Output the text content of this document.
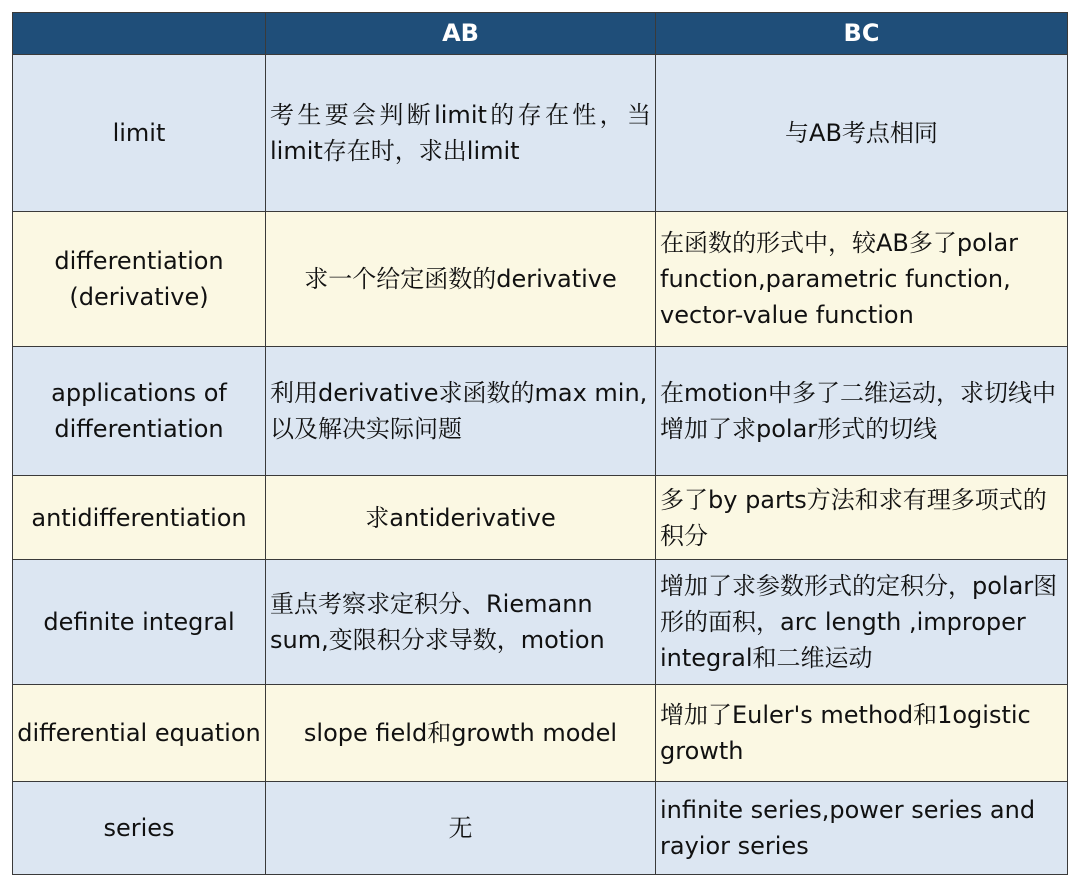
	AB	BC
limit	考生要会判断limit的存在性，当limit存在时，求出limit	与AB考点相同
differentiation (derivative)	求一个给定函数的derivative	在函数的形式中，较AB多了polar function,parametric function, vector-value function
applications of differentiation	利用derivative求函数的max min,以及解决实际问题	在motion中多了二维运动，求切线中增加了求polar形式的切线
antidifferentiation	求antiderivative	多了by parts方法和求有理多项式的积分
definite integral	重点考察求定积分、Riemann sum,变限积分求导数，motion	增加了求参数形式的定积分，polar图形的面积，arc length ,improper integral和二维运动
differential equation	slope field和growth model	增加了Euler's method和1ogistic growth
series	无	infinite series,power series and rayior series
